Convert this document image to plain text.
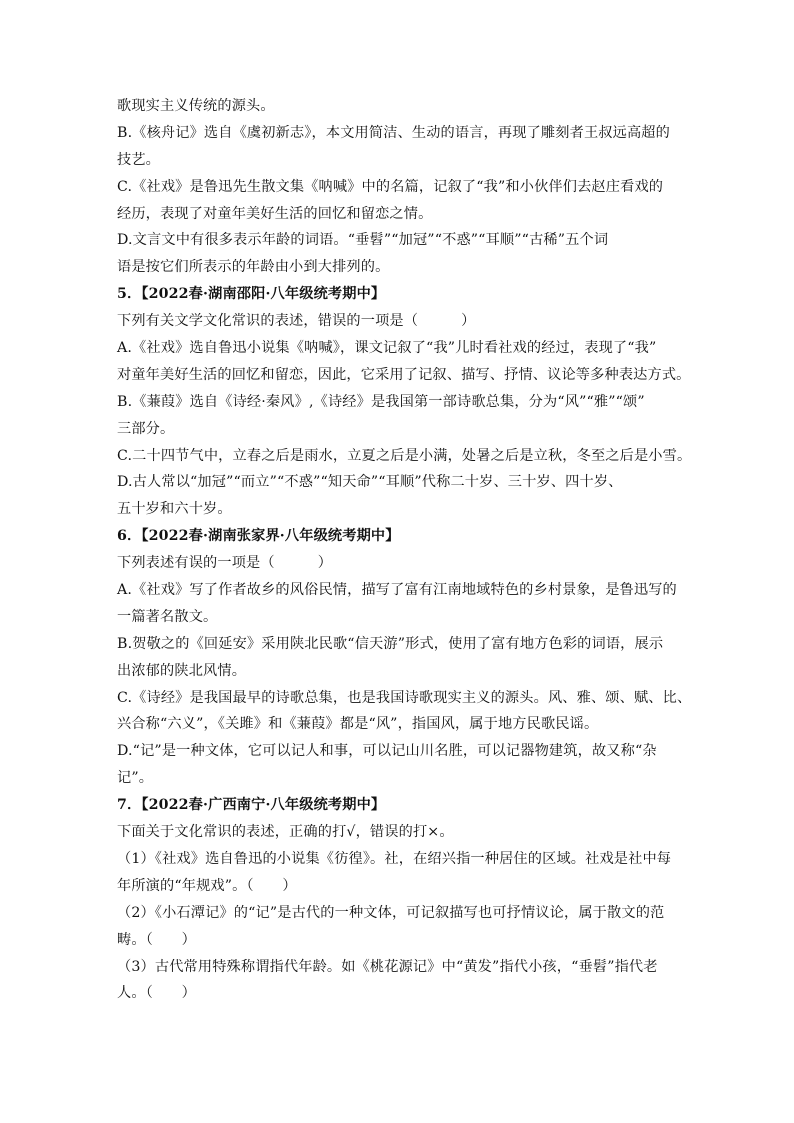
歌现实主义传统的源头。
B.《核舟记》选自《虞初新志》，本文用简洁、生动的语言，再现了雕刻者王叔远高超的
技艺。
C.《社戏》是鲁迅先生散文集《呐喊》中的名篇，记叙了“我”和小伙伴们去赵庄看戏的
经历，表现了对童年美好生活的回忆和留恋之情。
D.文言文中有很多表示年龄的词语。“垂髫”“加冠”“不惑”“耳顺”“古稀”五个词
语是按它们所表示的年龄由小到大排列的。
5．【2022春·湖南邵阳·八年级统考期中】
下列有关文学文化常识的表述，错误的一项是（　　　）
A.《社戏》选自鲁迅小说集《呐喊》，课文记叙了“我”儿时看社戏的经过，表现了“我”
对童年美好生活的回忆和留恋，因此，它采用了记叙、描写、抒情、议论等多种表达方式。
B.《蒹葭》选自《诗经·秦风》,《诗经》是我国第一部诗歌总集，分为“风”“雅”“颂”
三部分。
C.二十四节气中，立春之后是雨水，立夏之后是小满，处暑之后是立秋，冬至之后是小雪。
D.古人常以“加冠”“而立”“不惑”“知天命”“耳顺”代称二十岁、三十岁、四十岁、
五十岁和六十岁。
6．【2022春·湖南张家界·八年级统考期中】
下列表述有误的一项是（　　　）
A.《社戏》写了作者故乡的风俗民情，描写了富有江南地域特色的乡村景象，是鲁迅写的
一篇著名散文。
B.贺敬之的《回延安》采用陕北民歌“信天游”形式，使用了富有地方色彩的词语，展示
出浓郁的陕北风情。
C.《诗经》是我国最早的诗歌总集，也是我国诗歌现实主义的源头。风、雅、颂、赋、比、
兴合称“六义”，《关雎》和《蒹葭》都是“风”，指国风，属于地方民歌民谣。
D.“记”是一种文体，它可以记人和事，可以记山川名胜，可以记器物建筑，故又称“杂
记”。
7．【2022春·广西南宁·八年级统考期中】
下面关于文化常识的表述，正确的打√，错误的打×。
（1）《社戏》选自鲁迅的小说集《彷徨》。社，在绍兴指一种居住的区域。社戏是社中每
年所演的“年规戏”。（　　）
（2）《小石潭记》的“记”是古代的一种文体，可记叙描写也可抒情议论，属于散文的范
畴。（　　）
（3）古代常用特殊称谓指代年龄。如《桃花源记》中“黄发”指代小孩，“垂髫”指代老
人。（　　）
